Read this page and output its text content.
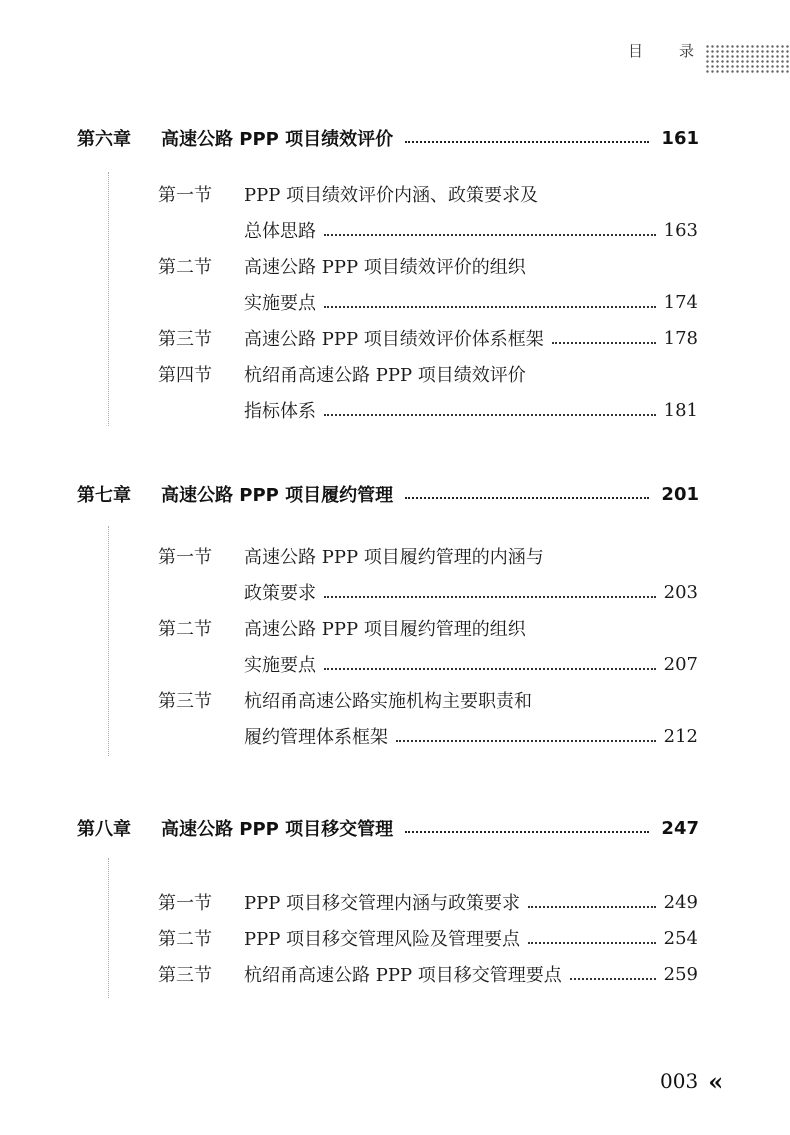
目 录
第六章	高速公路 PPP 项目绩效评价	161
第一节	PPP 项目绩效评价内涵、政策要求及
总体思路	163
第二节	高速公路 PPP 项目绩效评价的组织
实施要点	174
第三节	高速公路 PPP 项目绩效评价体系框架	178
第四节	杭绍甬高速公路 PPP 项目绩效评价
指标体系	181
第七章	高速公路 PPP 项目履约管理	201
第一节	高速公路 PPP 项目履约管理的内涵与
政策要求	203
第二节	高速公路 PPP 项目履约管理的组织
实施要点	207
第三节	杭绍甬高速公路实施机构主要职责和
履约管理体系框架	212
第八章	高速公路 PPP 项目移交管理	247
第一节	PPP 项目移交管理内涵与政策要求	249
第二节	PPP 项目移交管理风险及管理要点	254
第三节	杭绍甬高速公路 PPP 项目移交管理要点	259
003 «
